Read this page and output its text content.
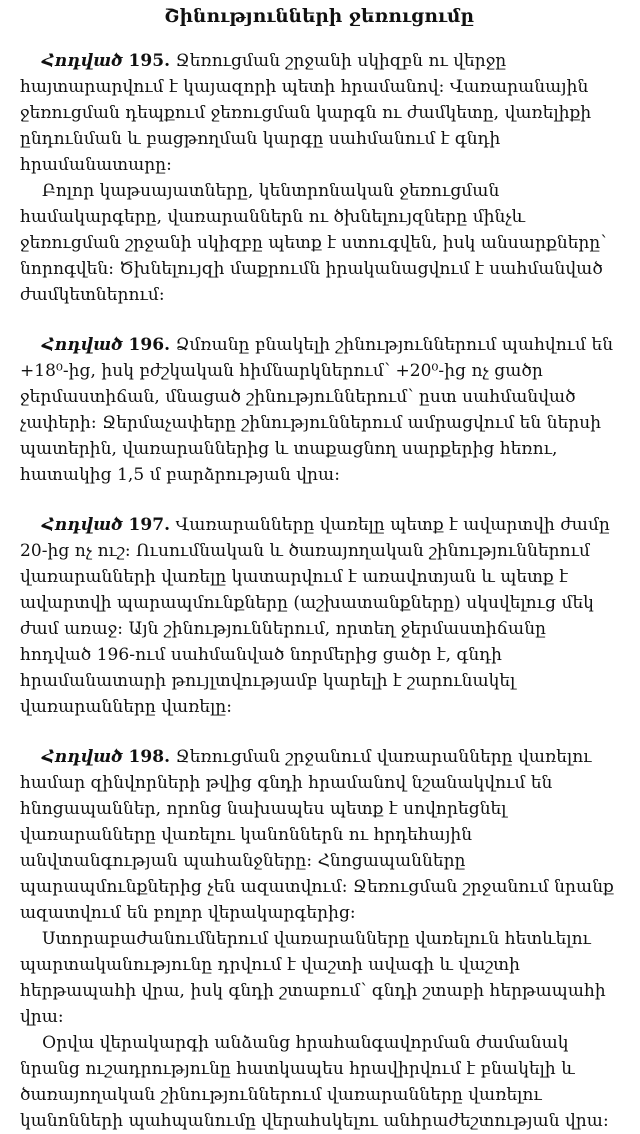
Շինությունների ջեռուցումը

Հոդված 195. Ջեռուցման շրջանի սկիզբն ու վերջը հայտարարվում է կայազորի պետի հրամանով: Վառարանային ջեռուցման դեպքում ջեռուցման կարգն ու ժամկետը, վառելիքի ընդունման և բացթողման կարգը սահմանում է գնդի հրամանատարը:

Բոլոր կաթսայատները, կենտրոնական ջեռուցման համակարգերը, վառարաններն ու ծխնելույզները մինչև ջեռուցման շրջանի սկիզբը պետք է ստուգվեն, իսկ անսարքները՝ նորոգվեն: Ծխնելույզի մաքրումն իրականացվում է սահմանված ժամկետներում:

Հոդված 196. Ձմռանը բնակելի շինություններում պահվում են +18⁰-ից, իսկ բժշկական հիմնարկներում՝ +20⁰-ից ոչ ցածր ջերմաստիճան, մնացած շինություններում՝ ըստ սահմանված չափերի: Ջերմաչափերը շինություններում ամրացվում են ներսի պատերին, վառարաններից և տաքացնող սարքերից հեռու, հատակից 1,5 մ բարձրության վրա:

Հոդված 197. Վառարանները վառելը պետք է ավարտվի ժամը 20-ից ոչ ուշ: Ուսումնական և ծառայողական շինություններում վառարանների վառելը կատարվում է առավոտյան և պետք է ավարտվի պարապմունքները (աշխատանքները) սկսվելուց մեկ ժամ առաջ: Այն շինություններում, որտեղ ջերմաստիճանը հոդված 196-ում սահմանված նորմերից ցածր է, գնդի հրամանատարի թույլտվությամբ կարելի է շարունակել վառարանները վառելը:

Հոդված 198. Ջեռուցման շրջանում վառարանները վառելու համար զինվորների թվից գնդի հրամանով նշանակվում են հնոցապաններ, որոնց նախապես պետք է սովորեցնել վառարանները վառելու կանոններն ու հրդեհային անվտանգության պահանջները: Հնոցապանները պարապմունքներից չեն ազատվում: Ջեռուցման շրջանում նրանք ազատվում են բոլոր վերակարգերից:

Ստորաբաժանումներում վառարանները վառելուն հետևելու պարտականությունը դրվում է վաշտի ավագի և վաշտի հերթապահի վրա, իսկ գնդի շտաբում՝ գնդի շտաբի հերթապահի վրա:

Օրվա վերակարգի անձանց հրահանգավորման ժամանակ նրանց ուշադրությունը հատկապես հրավիրվում է բնակելի և ծառայողական շինություններում վառարանները վառելու կանոնների պահպանումը վերահսկելու անհրաժեշտության վրա:
